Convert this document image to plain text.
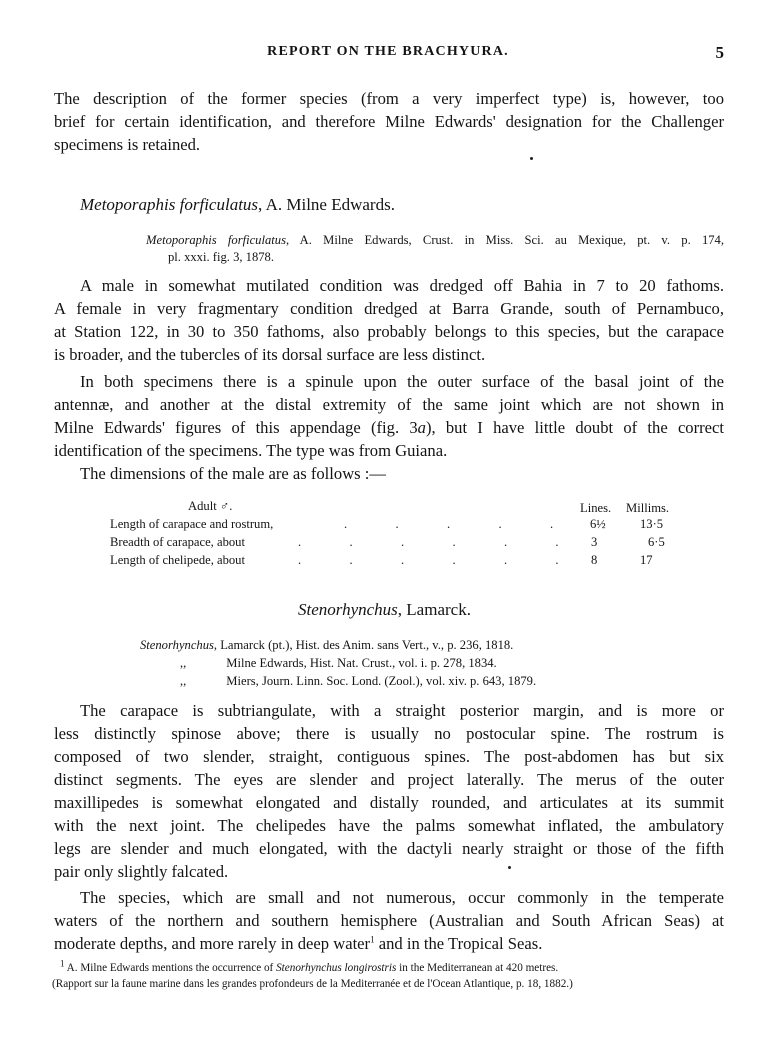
REPORT ON THE BRACHYURA.	5
The description of the former species (from a very imperfect type) is, however, too
brief for certain identification, and therefore Milne Edwards' designation for the Challenger
specimens is retained.
Metoporaphis forficulatus, A. Milne Edwards.
Metoporaphis forficulatus, A. Milne Edwards, Crust. in Miss. Sci. au Mexique, pt. v. p. 174,
pl. xxxi. fig. 3, 1878.
A male in somewhat mutilated condition was dredged off Bahia in 7 to 20 fathoms.
A female in very fragmentary condition dredged at Barra Grande, south of Pernambuco,
at Station 122, in 30 to 350 fathoms, also probably belongs to this species, but the carapace
is broader, and the tubercles of its dorsal surface are less distinct.
In both specimens there is a spinule upon the outer surface of the basal joint of the
antennæ, and another at the distal extremity of the same joint which are not shown in
Milne Edwards' figures of this appendage (fig. 3a), but I have little doubt of the correct
identification of the specimens. The type was from Guiana.
The dimensions of the male are as follows :—
Adult ♂.	Lines. Millims.
Length of carapace and rostrum,	.         .         .         .         .	6½	13·5
Breadth of carapace, about	.         .         .         .         .         . 3	6·5
Length of chelipede, about	.         .         .         .         .         . 8	17
Stenorhynchus, Lamarck.
Stenorhynchus, Lamarck (pt.), Hist. des Anim. sans Vert., v., p. 236, 1818.
,,	Milne Edwards, Hist. Nat. Crust., vol. i. p. 278, 1834.
,,	Miers, Journ. Linn. Soc. Lond. (Zool.), vol. xiv. p. 643, 1879.
The carapace is subtriangulate, with a straight posterior margin, and is more or
less distinctly spinose above; there is usually no postocular spine. The rostrum is
composed of two slender, straight, contiguous spines. The post-abdomen has but six
distinct segments. The eyes are slender and project laterally. The merus of the outer
maxillipedes is somewhat elongated and distally rounded, and articulates at its summit
with the next joint. The chelipedes have the palms somewhat inflated, the ambulatory
legs are slender and much elongated, with the dactyli nearly straight or those of the fifth
pair only slightly falcated.
The species, which are small and not numerous, occur commonly in the temperate
waters of the northern and southern hemisphere (Australian and South African Seas) at
moderate depths, and more rarely in deep water$^1$ and in the Tropical Seas.
$^1$ A. Milne Edwards mentions the occurrence of Stenorhynchus longirostris in the Mediterranean at 420 metres.
(Rapport sur la faune marine dans les grandes profondeurs de la Mediterranée et de l'Ocean Atlantique, p. 18, 1882.)
